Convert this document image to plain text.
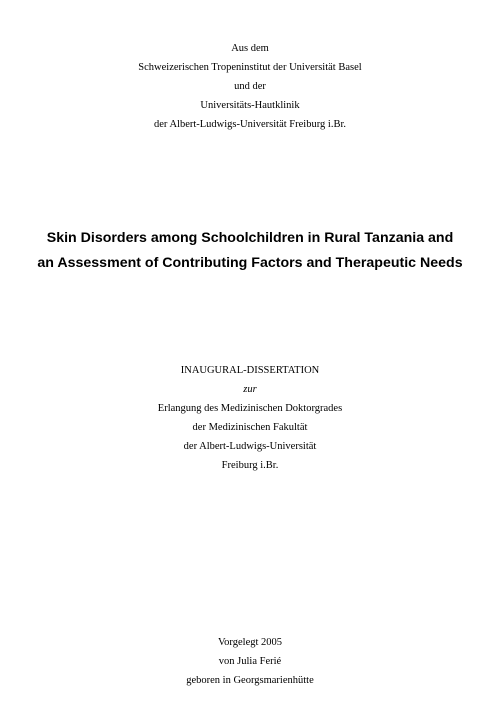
Aus dem
Schweizerischen Tropeninstitut der Universität Basel
und der
Universitäts-Hautklinik
der Albert-Ludwigs-Universität Freiburg i.Br.
Skin Disorders among Schoolchildren in Rural Tanzania and
an Assessment of Contributing Factors and Therapeutic Needs
INAUGURAL-DISSERTATION
zur
Erlangung des Medizinischen Doktorgrades
der Medizinischen Fakultät
der Albert-Ludwigs-Universität
Freiburg i.Br.
Vorgelegt 2005
von Julia Ferié
geboren in Georgsmarienhütte
